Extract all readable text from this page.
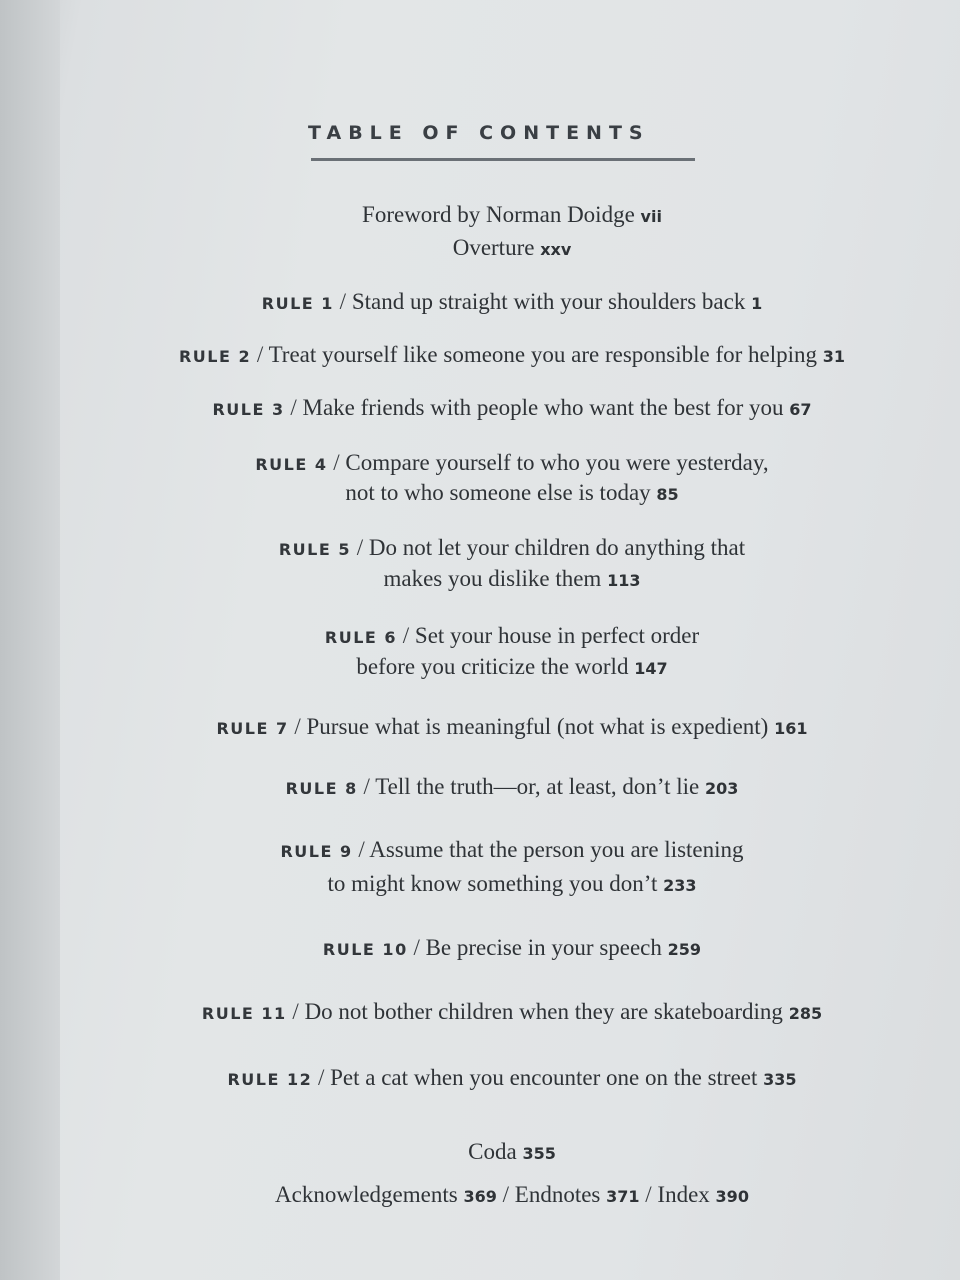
TABLE OF CONTENTS
Foreword by Norman Doidge vii
Overture xxv
RULE 1 / Stand up straight with your shoulders back 1
RULE 2 / Treat yourself like someone you are responsible for helping 31
RULE 3 / Make friends with people who want the best for you 67
RULE 4 / Compare yourself to who you were yesterday,
not to who someone else is today 85
RULE 5 / Do not let your children do anything that
makes you dislike them 113
RULE 6 / Set your house in perfect order
before you criticize the world 147
RULE 7 / Pursue what is meaningful (not what is expedient) 161
RULE 8 / Tell the truth—or, at least, don’t lie 203
RULE 9 / Assume that the person you are listening
to might know something you don’t 233
RULE 10 / Be precise in your speech 259
RULE 11 / Do not bother children when they are skateboarding 285
RULE 12 / Pet a cat when you encounter one on the street 335
Coda 355
Acknowledgements 369 / Endnotes 371 / Index 390
